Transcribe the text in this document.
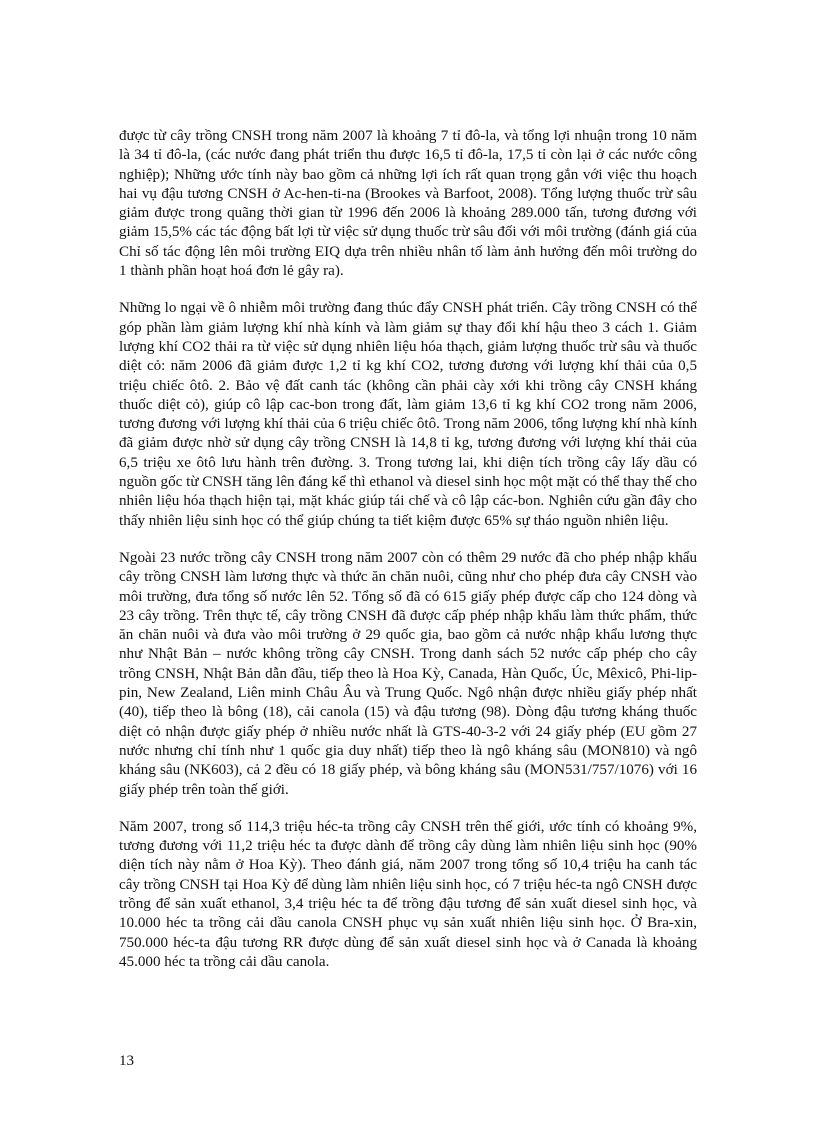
được từ cây trồng CNSH trong năm 2007 là khoảng 7 tỉ đô-la, và tổng lợi nhuận trong 10 năm là 34 tỉ đô-la, (các nước đang phát triển thu được 16,5 tỉ đô-la, 17,5 tỉ còn lại ở các nước công nghiệp); Những ước tính này bao gồm cả những lợi ích rất quan trọng gắn với việc thu hoạch hai vụ đậu tương CNSH ở Ac-hen-ti-na (Brookes và Barfoot, 2008). Tổng lượng thuốc trừ sâu giảm được trong quãng thời gian từ 1996 đến 2006 là khoảng 289.000 tấn, tương đương với giảm 15,5% các tác động bất lợi từ việc sử dụng thuốc trừ sâu đối với môi trường (đánh giá của Chỉ số tác động lên môi trường EIQ dựa trên nhiều nhân tố làm ảnh hưởng đến môi trường do 1 thành phần hoạt hoá đơn lẻ gây ra).

Những lo ngại về ô nhiễm môi trường đang thúc đẩy CNSH phát triển. Cây trồng CNSH có thể góp phần làm giảm lượng khí nhà kính và làm giảm sự thay đổi khí hậu theo 3 cách 1. Giảm lượng khí CO2 thải ra từ việc sử dụng nhiên liệu hóa thạch, giảm lượng thuốc trừ sâu và thuốc diệt cỏ: năm 2006 đã giảm được 1,2 tỉ kg khí CO2, tương đương với lượng khí thải của 0,5 triệu chiếc ôtô. 2. Bảo vệ đất canh tác (không cần phải cày xới khi trồng cây CNSH kháng thuốc diệt cỏ), giúp cô lập cac-bon trong đất, làm giảm 13,6 tỉ kg khí CO2 trong năm 2006, tương đương với lượng khí thải của 6 triệu chiếc ôtô. Trong năm 2006, tổng lượng khí nhà kính đã giảm được nhờ sử dụng cây trồng CNSH là 14,8 tỉ kg, tương đương với lượng khí thải của 6,5 triệu xe ôtô lưu hành trên đường. 3. Trong tương lai, khi diện tích trồng cây lấy dầu có nguồn gốc từ CNSH tăng lên đáng kể thì ethanol và diesel sinh học một mặt có thể thay thế cho nhiên liệu hóa thạch hiện tại, mặt khác giúp tái chế và cô lập các-bon. Nghiên cứu gần đây cho thấy nhiên liệu sinh học có thể giúp chúng ta tiết kiệm được 65% sự tháo nguồn nhiên liệu.

Ngoài 23 nước trồng cây CNSH trong năm 2007 còn có thêm 29 nước đã cho phép nhập khẩu cây trồng CNSH làm lương thực và thức ăn chăn nuôi, cũng như cho phép đưa cây CNSH vào môi trường, đưa tổng số nước lên 52. Tổng số đã có 615 giấy phép được cấp cho 124 dòng và 23 cây trồng. Trên thực tế, cây trồng CNSH đã được cấp phép nhập khẩu làm thức phẩm, thức ăn chăn nuôi và đưa vào môi trường ở 29 quốc gia, bao gồm cả nước nhập khẩu lương thực như Nhật Bản – nước không trồng cây CNSH. Trong danh sách 52 nước cấp phép cho cây trồng CNSH, Nhật Bản dẫn đầu, tiếp theo là Hoa Kỳ, Canada, Hàn Quốc, Úc, Mêxicô, Phi-lip-pin, New Zealand, Liên minh Châu Âu và Trung Quốc. Ngô nhận được nhiều giấy phép nhất (40), tiếp theo là bông (18), cải canola (15) và đậu tương (98). Dòng đậu tương kháng thuốc diệt cỏ nhận được giấy phép ở nhiều nước nhất là GTS-40-3-2 với 24 giấy phép (EU gồm 27 nước nhưng chỉ tính như 1 quốc gia duy nhất) tiếp theo là ngô kháng sâu (MON810) và ngô kháng sâu (NK603), cả 2 đều có 18 giấy phép, và bông kháng sâu (MON531/757/1076) với 16 giấy phép trên toàn thế giới.

Năm 2007, trong số 114,3 triệu héc-ta trồng cây CNSH trên thế giới, ước tính có khoảng 9%, tương đương với 11,2 triệu héc ta được dành để trồng cây dùng làm nhiên liệu sinh học (90% diện tích này nằm ở Hoa Kỳ). Theo đánh giá, năm 2007 trong tổng số 10,4 triệu ha canh tác cây trồng CNSH tại Hoa Kỳ để dùng làm nhiên liệu sinh học, có 7 triệu héc-ta ngô CNSH được trồng để sản xuất ethanol, 3,4 triệu héc ta để trồng đậu tương để sản xuất diesel sinh học, và 10.000 héc ta trồng cải dầu canola CNSH phục vụ sản xuất nhiên liệu sinh học. Ở Bra-xin, 750.000 héc-ta đậu tương RR được dùng để sản xuất diesel sinh học và ở Canada là khoảng 45.000 héc ta trồng cải dầu canola.

13
